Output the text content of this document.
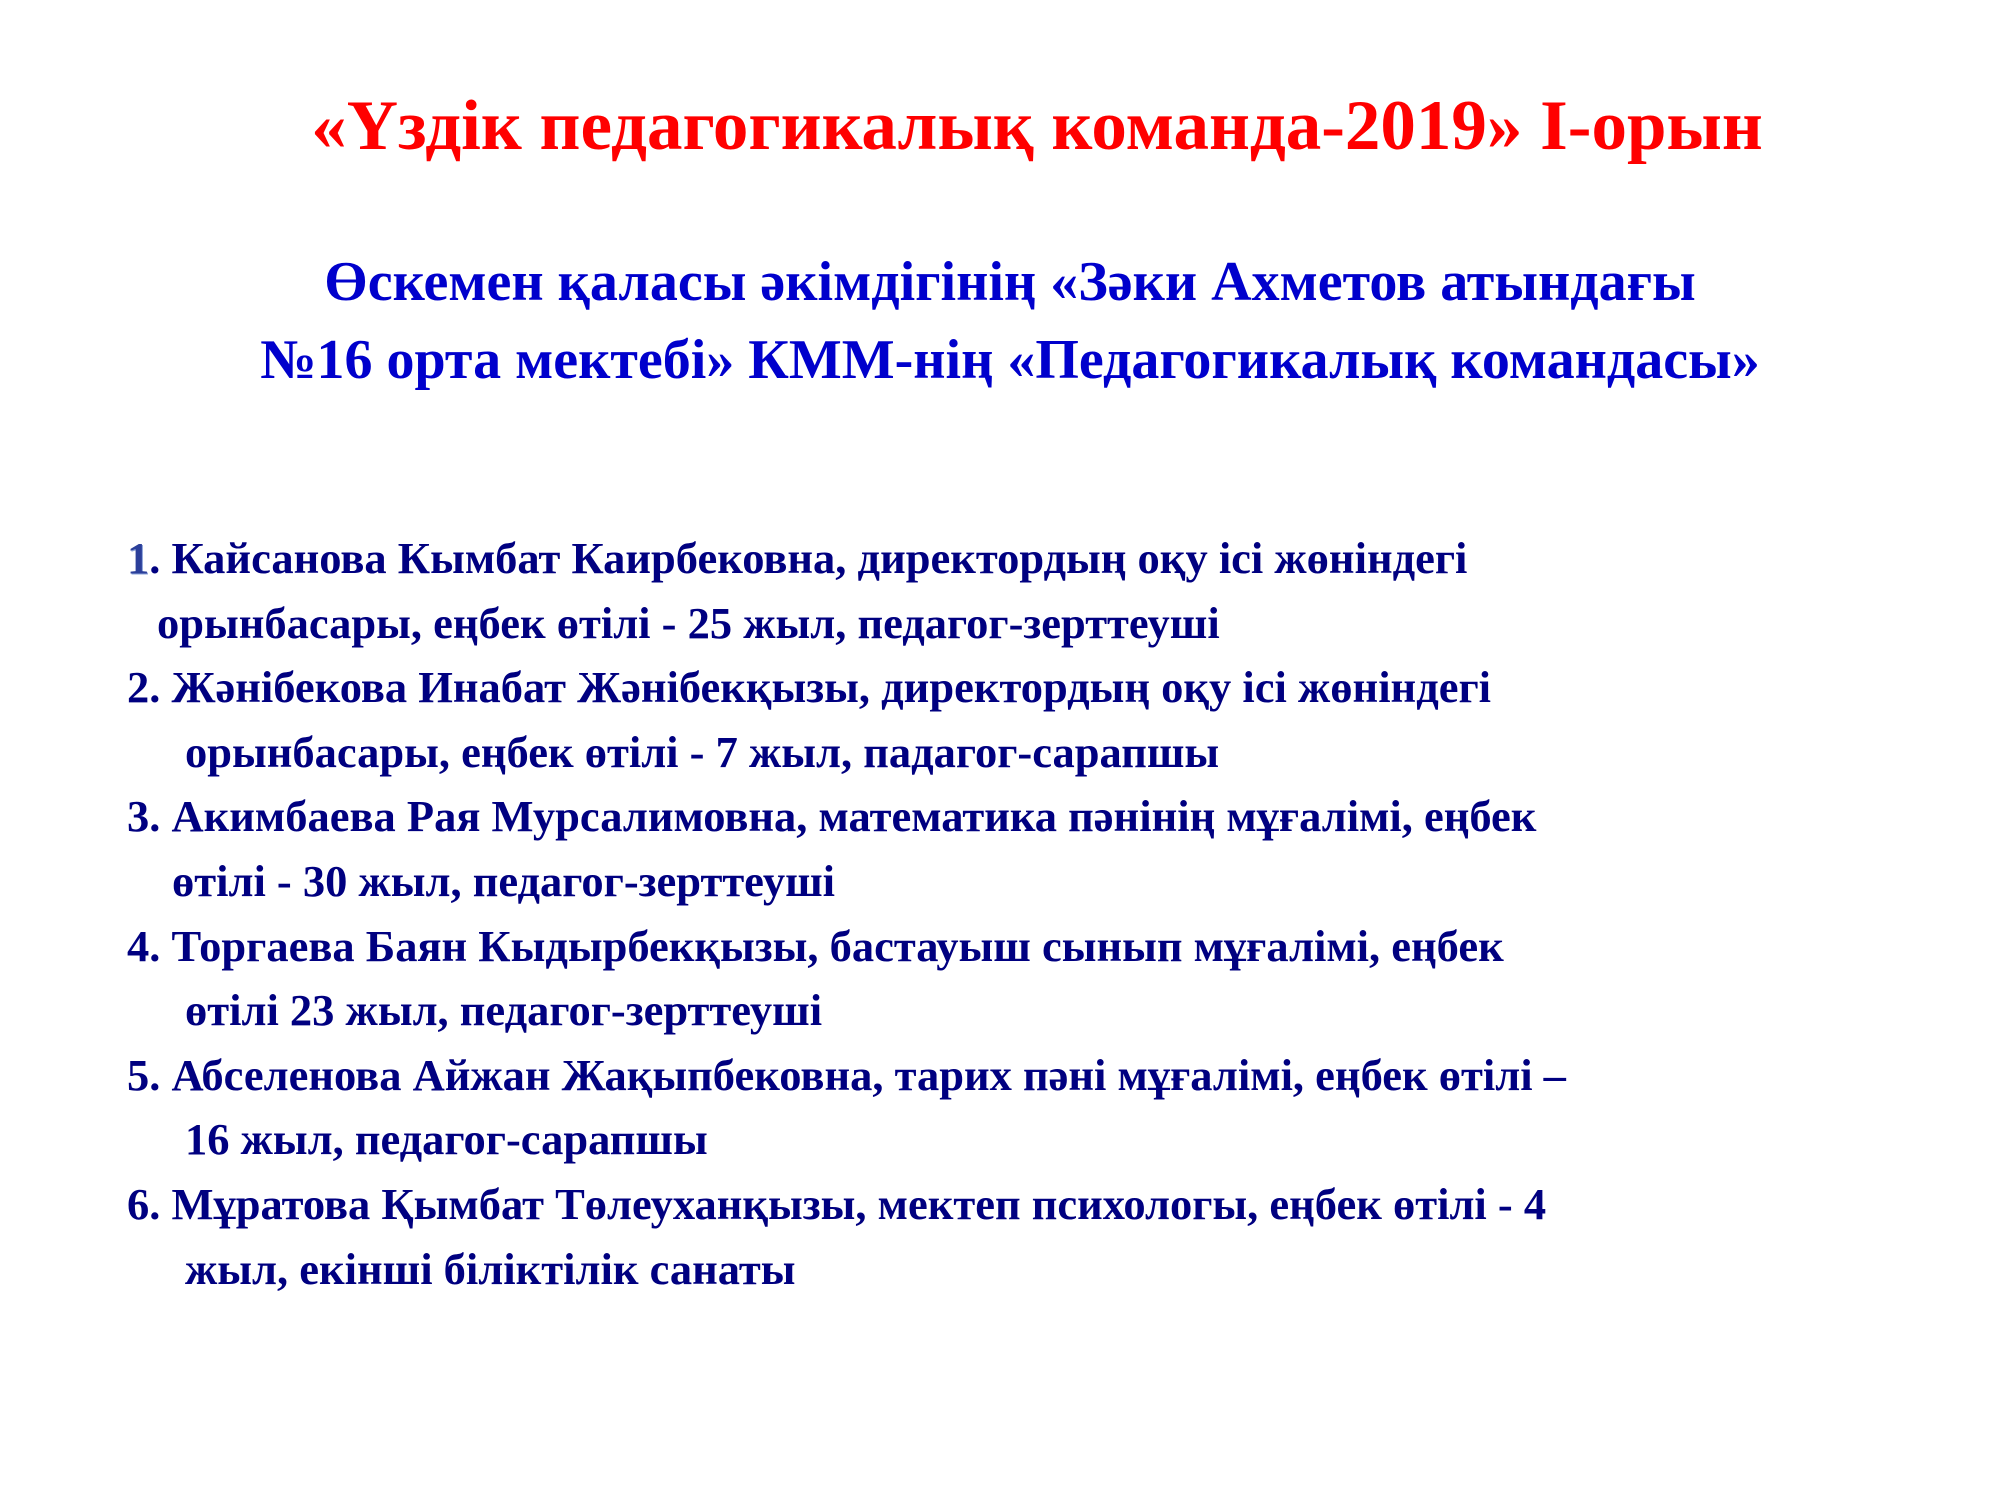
«Үздік педагогикалық команда-2019» І-орын
Өскемен қаласы әкімдігінің «Зәки Ахметов атындағы
№16 орта мектебі» КММ-нің «Педагогикалық командасы»
1. Кайсанова Кымбат Каирбековна, директордың оқу ісі жөніндегі
орынбасары, еңбек өтілі - 25 жыл, педагог-зерттеуші
2. Жәнібекова Инабат Жәнібекқызы, директордың оқу ісі жөніндегі
орынбасары, еңбек өтілі - 7 жыл, падагог-сарапшы
3. Акимбаева Рая Мурсалимовна, математика пәнінің мұғалімі, еңбек
өтілі - 30 жыл, педагог-зерттеуші
4. Торгаева Баян Кыдырбекқызы, бастауыш сынып мұғалімі, еңбек
өтілі 23 жыл, педагог-зерттеуші
5. Абселенова Айжан Жақыпбековна, тарих пәні мұғалімі, еңбек өтілі –
16 жыл, педагог-сарапшы
6. Мұратова Қымбат Төлеуханқызы, мектеп психологы, еңбек өтілі - 4
жыл, екінші біліктілік санаты
